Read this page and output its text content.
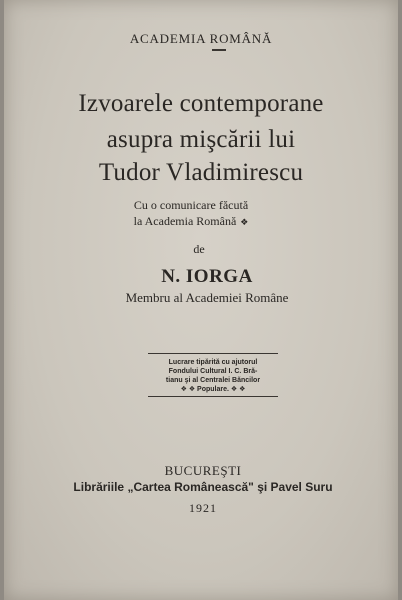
ACADEMIA ROMÂNĂ
Izvoarele contemporane
asupra mişcării lui
Tudor Vladimirescu
Cu o comunicare făcută
la Academia Română ❖
de
N. IORGA
Membru al Academiei Române
Lucrare tipărită cu ajutorul
Fondului Cultural I. C. Bră-
tianu şi al Centralei Băncilor
❖ ❖ Populare. ❖ ❖
BUCUREŞTI
Librăriile „Cartea Românească" şi Pavel Suru
1921
